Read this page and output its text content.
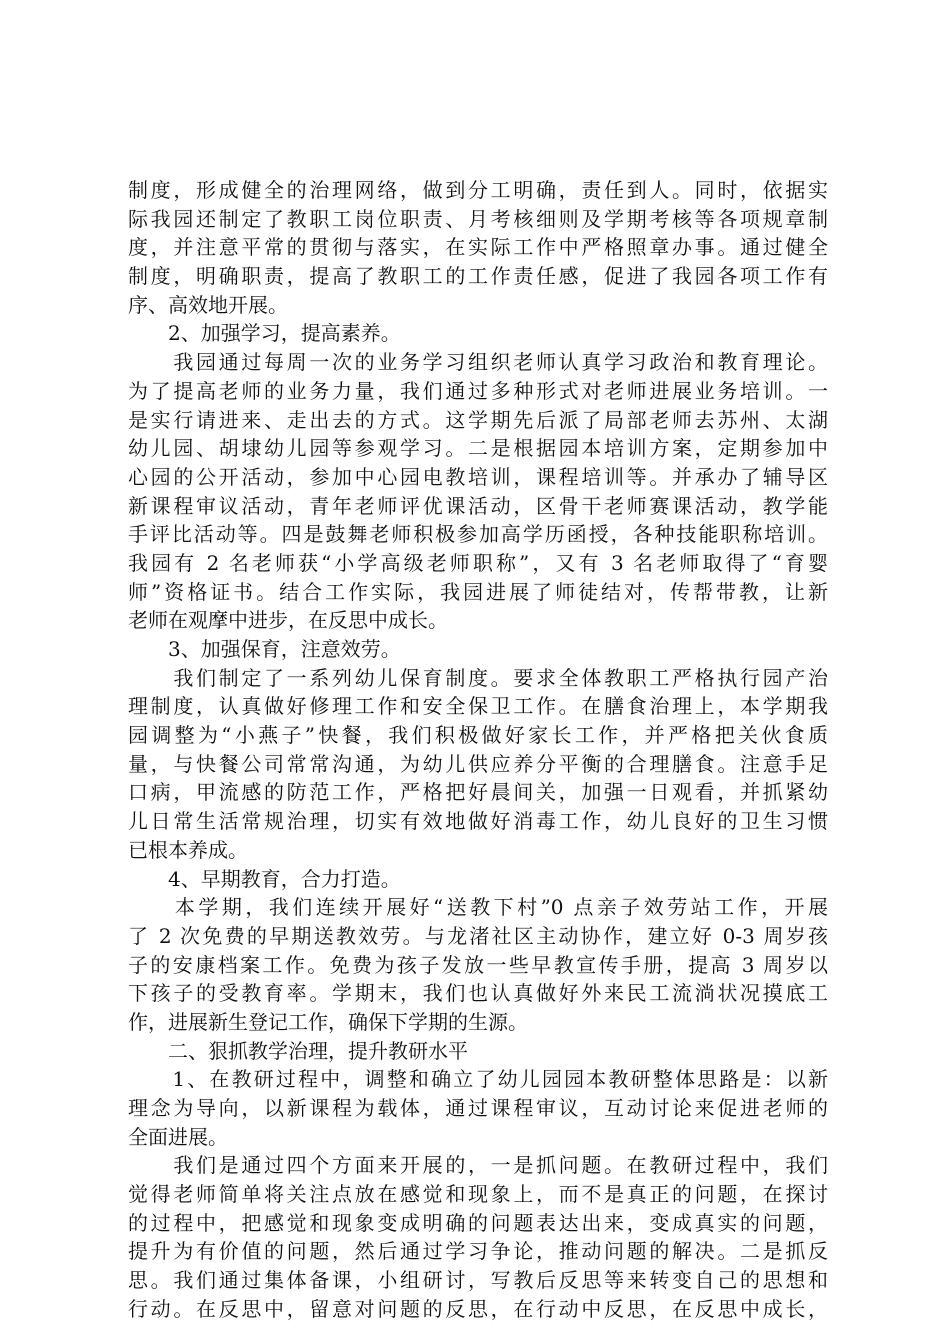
制度，形成健全的治理网络，做到分工明确，责任到人。同时，依据实
际我园还制定了教职工岗位职责、月考核细则及学期考核等各项规章制
度，并注意平常的贯彻与落实，在实际工作中严格照章办事。通过健全
制度，明确职责，提高了教职工的工作责任感，促进了我园各项工作有
序、高效地开展。
　　2、加强学习，提高素养。
　　我园通过每周一次的业务学习组织老师认真学习政治和教育理论。
为了提高老师的业务力量，我们通过多种形式对老师进展业务培训。一
是实行请进来、走出去的方式。这学期先后派了局部老师去苏州、太湖
幼儿园、胡埭幼儿园等参观学习。二是根据园本培训方案，定期参加中
心园的公开活动，参加中心园电教培训，课程培训等。并承办了辅导区
新课程审议活动，青年老师评优课活动，区骨干老师赛课活动，教学能
手评比活动等。四是鼓舞老师积极参加高学历函授，各种技能职称培训。
我园有 2 名老师获“小学高级老师职称”，又有 3 名老师取得了“育婴
师”资格证书。结合工作实际，我园进展了师徒结对，传帮带教，让新
老师在观摩中进步，在反思中成长。
　　3、加强保育，注意效劳。
　　我们制定了一系列幼儿保育制度。要求全体教职工严格执行园产治
理制度，认真做好修理工作和安全保卫工作。在膳食治理上，本学期我
园调整为“小燕子”快餐，我们积极做好家长工作，并严格把关伙食质
量，与快餐公司常常沟通，为幼儿供应养分平衡的合理膳食。注意手足
口病，甲流感的防范工作，严格把好晨间关，加强一日观看，并抓紧幼
儿日常生活常规治理，切实有效地做好消毒工作，幼儿良好的卫生习惯
已根本养成。
　　4、早期教育，合力打造。
　　本学期，我们连续开展好“送教下村”0 点亲子效劳站工作，开展
了 2 次免费的早期送教效劳。与龙渚社区主动协作，建立好 0-3 周岁孩
子的安康档案工作。免费为孩子发放一些早教宣传手册，提高 3 周岁以
下孩子的受教育率。学期末，我们也认真做好外来民工流淌状况摸底工
作，进展新生登记工作，确保下学期的生源。
　　二、狠抓教学治理，提升教研水平
　　1、在教研过程中，调整和确立了幼儿园园本教研整体思路是：以新
理念为导向，以新课程为载体，通过课程审议，互动讨论来促进老师的
全面进展。
　　我们是通过四个方面来开展的，一是抓问题。在教研过程中，我们
觉得老师简单将关注点放在感觉和现象上，而不是真正的问题，在探讨
的过程中，把感觉和现象变成明确的问题表达出来，变成真实的问题，
提升为有价值的问题，然后通过学习争论，推动问题的解决。二是抓反
思。我们通过集体备课，小组研讨，写教后反思等来转变自己的思想和
行动。在反思中，留意对问题的反思，在行动中反思，在反思中成长，
